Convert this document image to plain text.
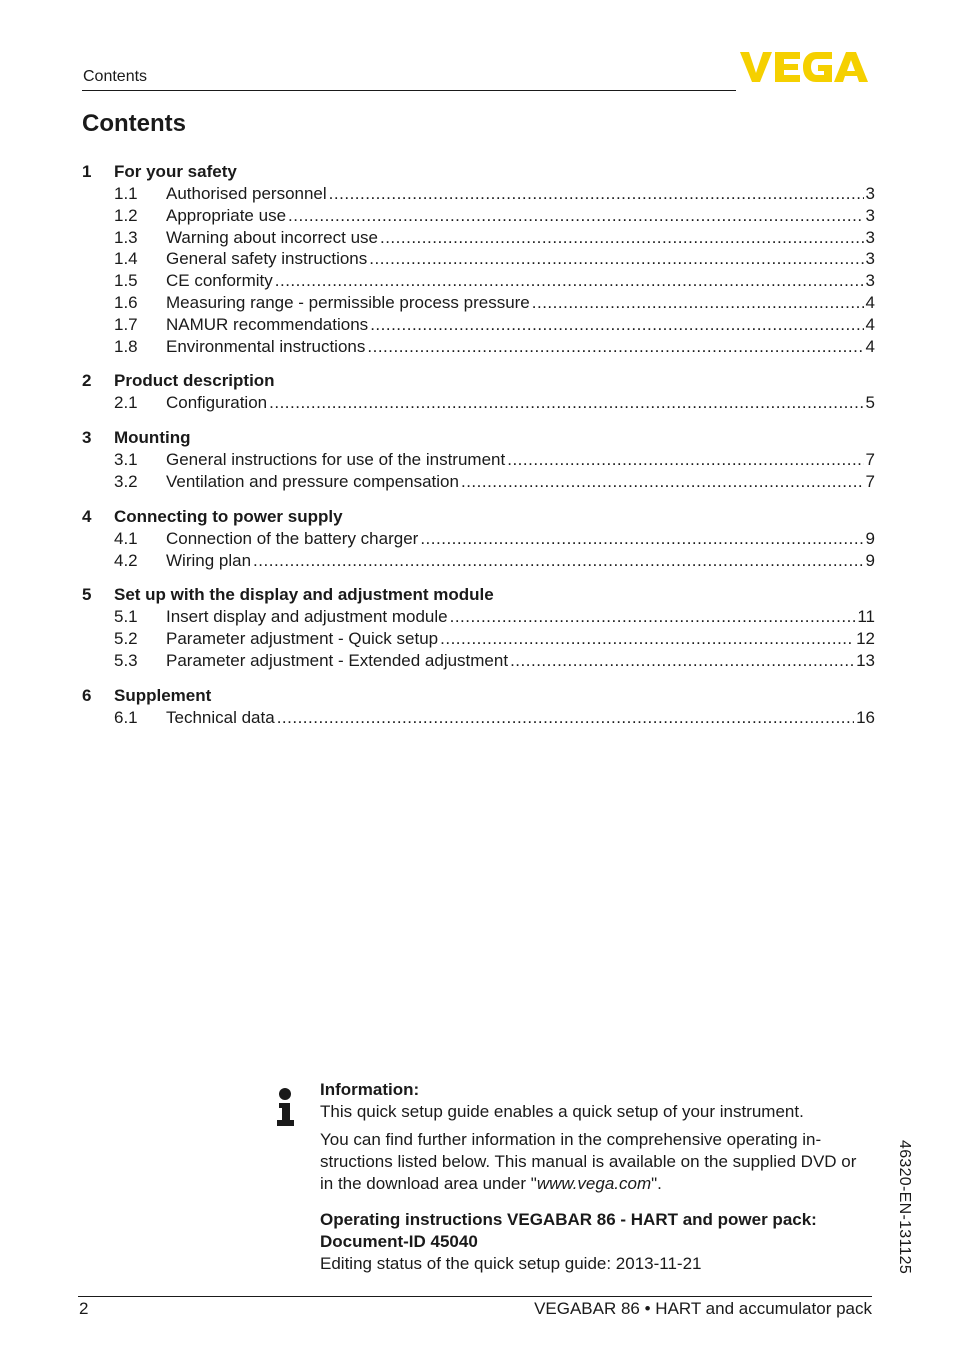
Contents
Contents
1	For your safety
1.1	Authorised personnel .....	3
1.2	Appropriate use .....	3
1.3	Warning about incorrect use .....	3
1.4	General safety instructions .....	3
1.5	CE conformity .....	3
1.6	Measuring range - permissible process pressure .....	4
1.7	NAMUR recommendations .....	4
1.8	Environmental instructions .....	4
2	Product description
2.1	Configuration .....	5
3	Mounting
3.1	General instructions for use of the instrument .....	7
3.2	Ventilation and pressure compensation .....	7
4	Connecting to power supply
4.1	Connection of the battery charger .....	9
4.2	Wiring plan .....	9
5	Set up with the display and adjustment module
5.1	Insert display and adjustment module .....	11
5.2	Parameter adjustment - Quick setup .....	12
5.3	Parameter adjustment - Extended adjustment .....	13
6	Supplement
6.1	Technical data .....	16

Information:

This quick setup guide enables a quick setup of your instrument.

You can find further information in the comprehensive operating in-structions listed below. This manual is available on the supplied DVD or in the download area under "www.vega.com".

Operating instructions VEGABAR 86 - HART and power pack:

Document-ID 45040

Editing status of the quick setup guide: 2013-11-21	46320-EN-131125
2	VEGABAR 86 • HART and accumulator pack
